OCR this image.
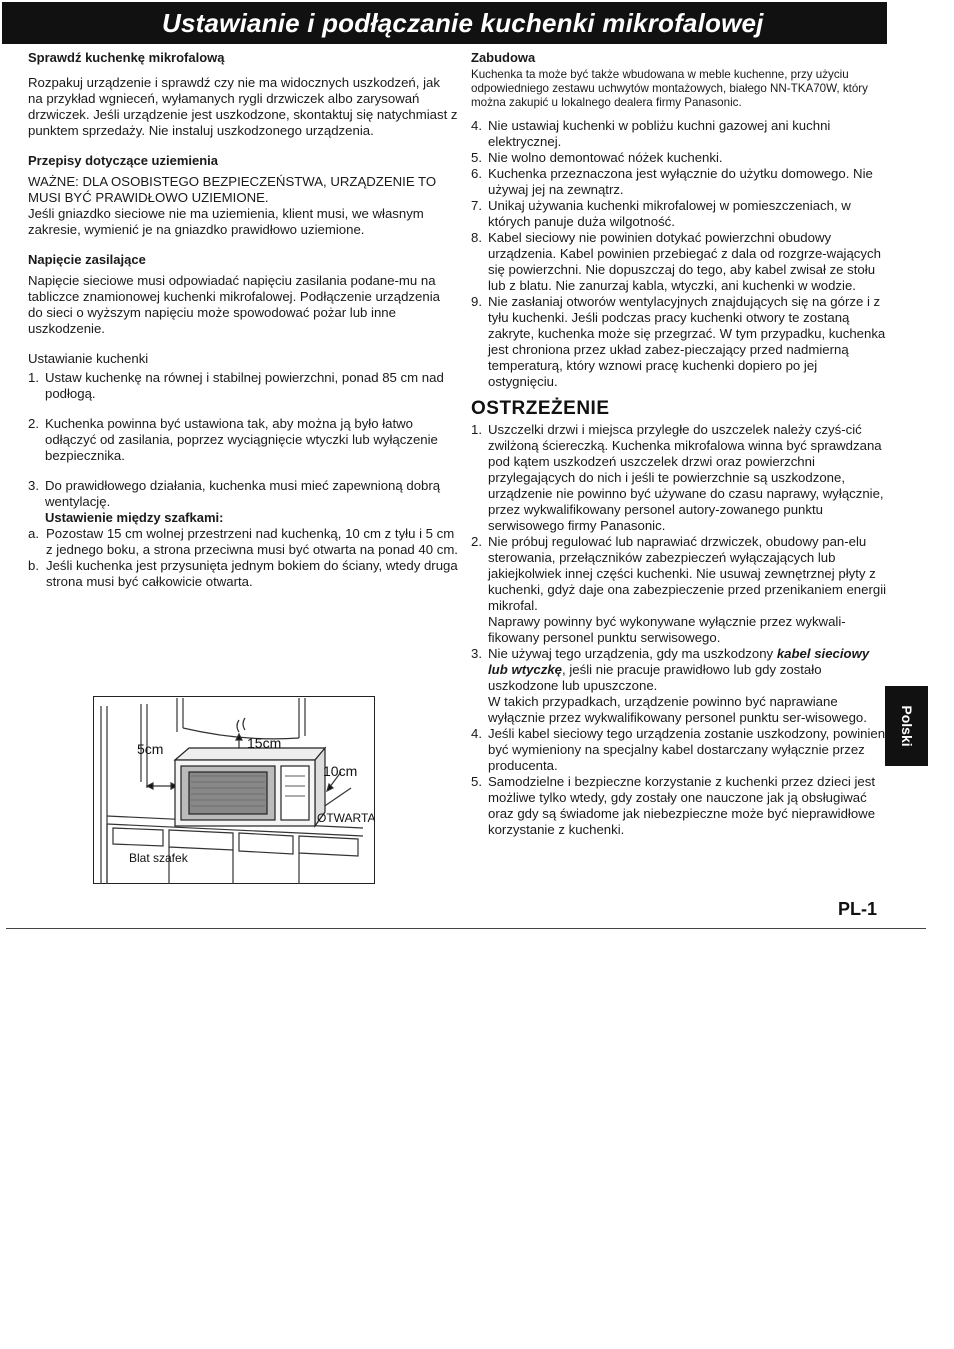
Ustawianie i podłączanie kuchenki mikrofalowej
Sprawdź kuchenkę mikrofalową

Rozpakuj urządzenie i sprawdź czy nie ma widocznych uszkodzeń, jak na przykład wgnieceń, wyłamanych rygli drzwiczek albo zarysowań drzwiczek. Jeśli urządzenie jest uszkodzone, skontaktuj się natychmiast z punktem sprzedaży. Nie instaluj uszkodzonego urządzenia.

Przepisy dotyczące uziemienia

WAŻNE: DLA OSOBISTEGO BEZPIECZEŃSTWA, URZĄDZENIE TO MUSI BYĆ PRAWIDŁOWO UZIEMIONE.

Jeśli gniazdko sieciowe nie ma uziemienia, klient musi, we własnym zakresie, wymienić je na gniazdko prawidłowo uziemione.

Napięcie zasilające

Napięcie sieciowe musi odpowiadać napięciu zasilania podane-mu na tabliczce znamionowej kuchenki mikrofalowej. Podłączenie urządzenia do sieci o wyższym napięciu może spowodować pożar lub inne uszkodzenie.

Ustawianie kuchenki
1. Ustaw kuchenkę na równej i stabilnej powierzchni, ponad 85 cm nad podłogą.
2. Kuchenka powinna być ustawiona tak, aby można ją było łatwo odłączyć od zasilania, poprzez wyciągnięcie wtyczki lub wyłączenie bezpiecznika.
3. Do prawidłowego działania, kuchenka musi mieć zapewnioną dobrą wentylację.
Ustawienie między szafkami:
a. Pozostaw 15 cm wolnej przestrzeni nad kuchenką, 10 cm z tyłu i 5 cm z jednego boku, a strona przeciwna musi być otwarta na ponad 40 cm.
b. Jeśli kuchenka jest przysunięta jednym bokiem do ściany, wtedy druga strona musi być całkowicie otwarta.
15cm
5cm
10cm
OTWARTA
Blat szafek
Zabudowa

Kuchenka ta może być także wbudowana w meble kuchenne, przy użyciu odpowiedniego zestawu uchwytów montażowych, białego NN-TKA70W, który można zakupić u lokalnego dealera firmy Panasonic.

4. Nie ustawiaj kuchenki w pobliżu kuchni gazowej ani kuchni elektrycznej.
5. Nie wolno demontować nóżek kuchenki.
6. Kuchenka przeznaczona jest wyłącznie do użytku domowego. Nie używaj jej na zewnątrz.
7. Unikaj używania kuchenki mikrofalowej w pomieszczeniach, w których panuje duża wilgotność.
8. Kabel sieciowy nie powinien dotykać powierzchni obudowy urządzenia. Kabel powinien przebiegać z dala od rozgrze-wających się powierzchni. Nie dopuszczaj do tego, aby kabel zwisał ze stołu lub z blatu. Nie zanurzaj kabla, wtyczki, ani kuchenki w wodzie.
9. Nie zasłaniaj otworów wentylacyjnych znajdujących się na górze i z tyłu kuchenki. Jeśli podczas pracy kuchenki otwory te zostaną zakryte, kuchenka może się przegrzać. W tym przypadku, kuchenka jest chroniona przez układ zabez-pieczający przed nadmierną temperaturą, który wznowi pracę kuchenki dopiero po jej ostygnięciu.
OSTRZEŻENIE
1. Uszczelki drzwi i miejsca przyległe do uszczelek należy czyś-cić zwilżoną ściereczką. Kuchenka mikrofalowa winna być sprawdzana pod kątem uszkodzeń uszczelek drzwi oraz powierzchni przylegających do nich i jeśli te powierzchnie są uszkodzone, urządzenie nie powinno być używane do czasu naprawy, wyłącznie, przez wykwalifikowany personel autory-zowanego punktu serwisowego firmy Panasonic.
2. Nie próbuj regulować lub naprawiać drzwiczek, obudowy pan-elu sterowania, przełączników zabezpieczeń wyłączających lub jakiejkolwiek innej części kuchenki. Nie usuwaj zewnętrznej płyty z kuchenki, gdyż daje ona zabezpieczenie przed przenikaniem energii mikrofal.
Naprawy powinny być wykonywane wyłącznie przez wykwali-fikowany personel punktu serwisowego.
3. Nie używaj tego urządzenia, gdy ma uszkodzony kabel sieciowy lub wtyczkę, jeśli nie pracuje prawidłowo lub gdy zostało uszkodzone lub upuszczone.
W takich przypadkach, urządzenie powinno być naprawiane wyłącznie przez wykwalifikowany personel punktu ser-wisowego.
4. Jeśli kabel sieciowy tego urządzenia zostanie uszkodzony, powinien być wymieniony na specjalny kabel dostarczany wyłącznie przez producenta.
5. Samodzielne i bezpieczne korzystanie z kuchenki przez dzieci jest możliwe tylko wtedy, gdy zostały one nauczone jak ją obsługiwać oraz gdy są świadome jak niebezpieczne może być nieprawidłowe korzystanie z kuchenki.
Polski
PL-1
